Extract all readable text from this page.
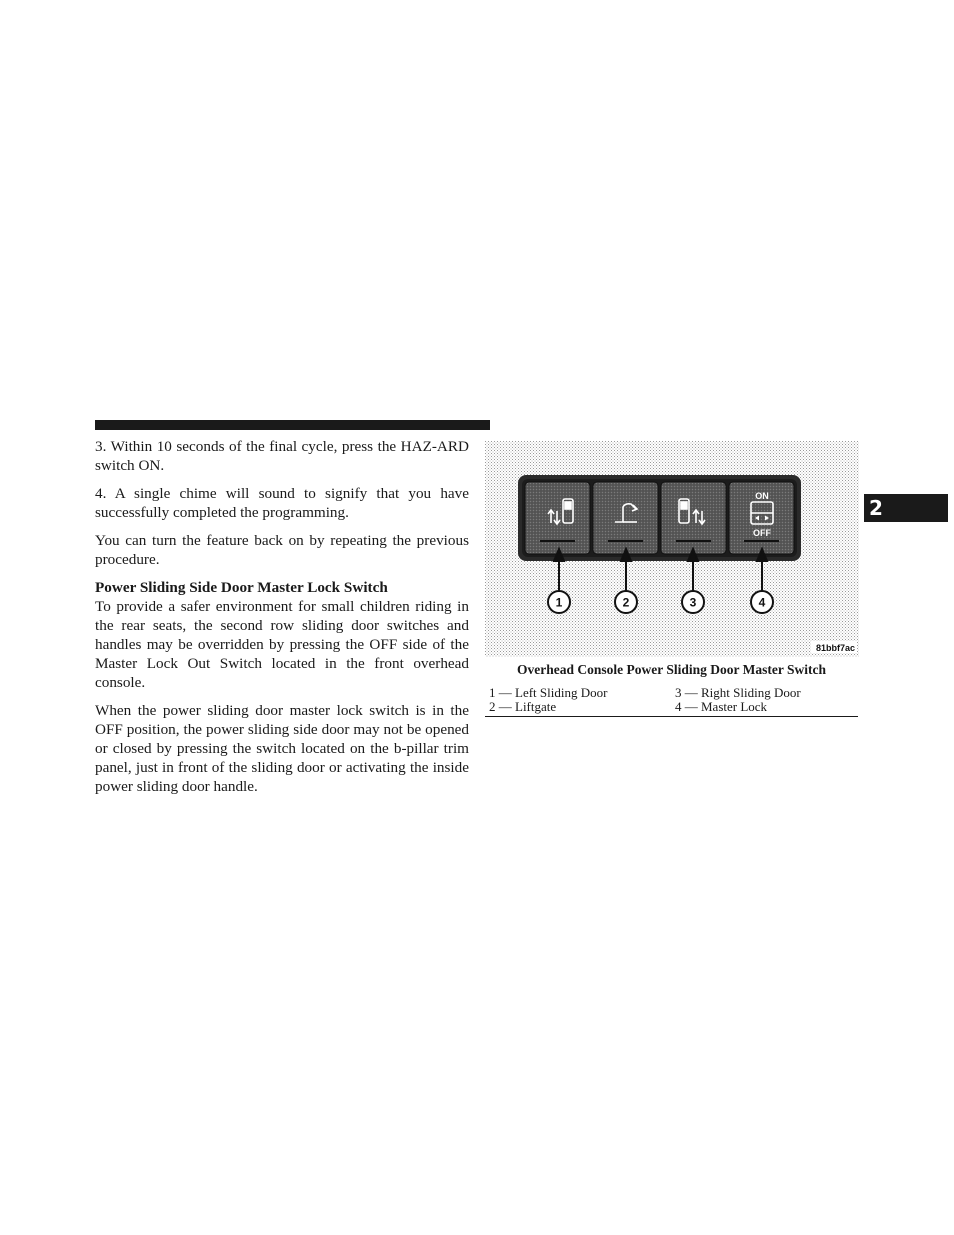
3. Within 10 seconds of the final cycle, press the HAZ-ARD switch ON.

4. A single chime will sound to signify that you have successfully completed the programming.

You can turn the feature back on by repeating the previous procedure.

Power Sliding Side Door Master Lock Switch

To provide a safer environment for small children riding in the rear seats, the second row sliding door switches and handles may be overridden by pressing the OFF side of the Master Lock Out Switch located in the front overhead console.

When the power sliding door master lock switch is in the OFF position, the power sliding side door may not be opened or closed by pressing the switch located on the b-pillar trim panel, just in front of the sliding door or activating the inside power sliding door handle.

ON
OFF
1	2	3	4
81bbf7ac
Overhead Console Power Sliding Door Master Switch
1 — Left Sliding Door	3 — Right Sliding Door
2 — Liftgate	4 — Master Lock
2
